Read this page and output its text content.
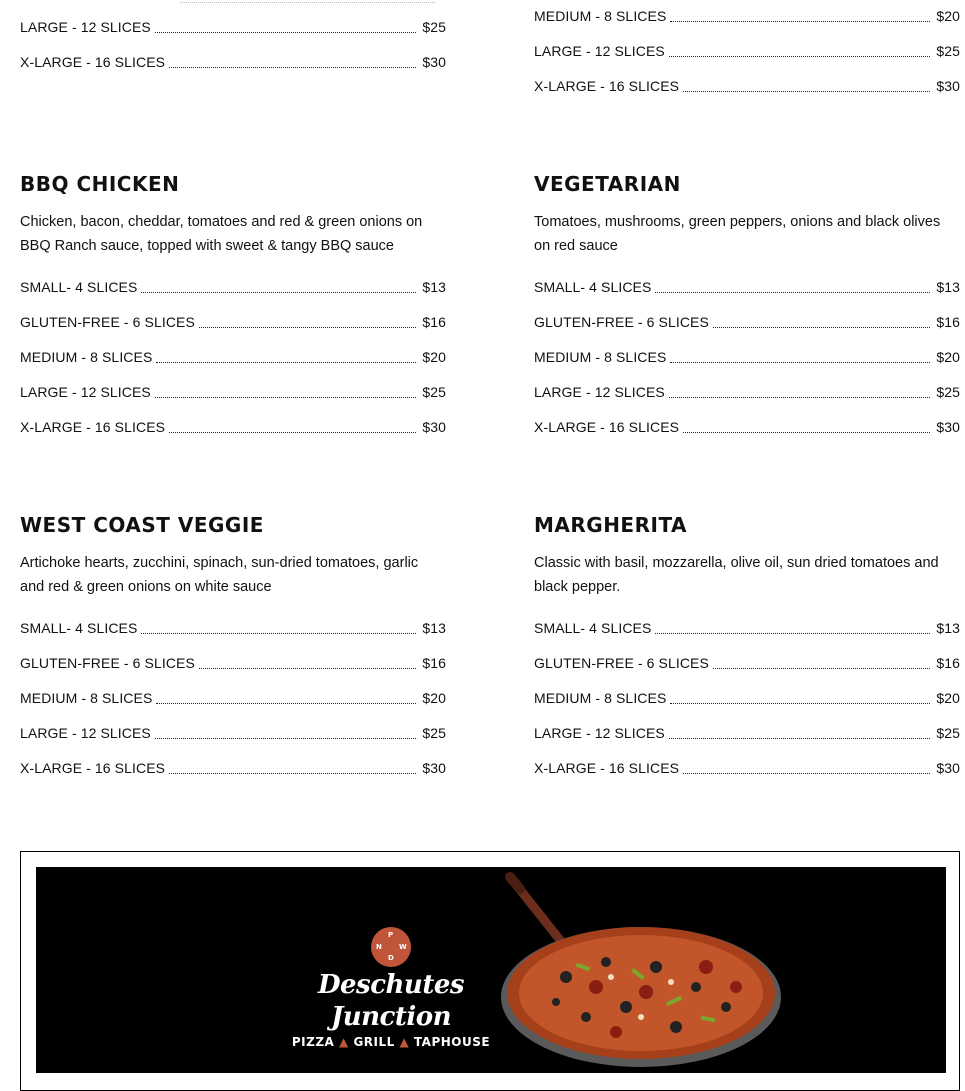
LARGE - 12 SLICES	$25
X-LARGE - 16 SLICES	$30
MEDIUM - 8 SLICES	$20
LARGE - 12 SLICES	$25
X-LARGE - 16 SLICES	$30
BBQ CHICKEN

Chicken, bacon, cheddar, tomatoes and red & green onions on BBQ Ranch sauce, topped with sweet & tangy BBQ sauce

SMALL- 4 SLICES	$13
GLUTEN-FREE - 6 SLICES	$16
MEDIUM - 8 SLICES	$20
LARGE - 12 SLICES	$25
X-LARGE - 16 SLICES	$30
VEGETARIAN

Tomatoes, mushrooms, green peppers, onions and black olives on red sauce

SMALL- 4 SLICES	$13
GLUTEN-FREE - 6 SLICES	$16
MEDIUM - 8 SLICES	$20
LARGE - 12 SLICES	$25
X-LARGE - 16 SLICES	$30
WEST COAST VEGGIE

Artichoke hearts, zucchini, spinach, sun-dried tomatoes, garlic and red & green onions on white sauce

SMALL- 4 SLICES	$13
GLUTEN-FREE - 6 SLICES	$16
MEDIUM - 8 SLICES	$20
LARGE - 12 SLICES	$25
X-LARGE - 16 SLICES	$30
MARGHERITA

Classic with basil, mozzarella, olive oil, sun dried tomatoes and black pepper.

SMALL- 4 SLICES	$13
GLUTEN-FREE - 6 SLICES	$16
MEDIUM - 8 SLICES	$20
LARGE - 12 SLICES	$25
X-LARGE - 16 SLICES	$30
P
N W
D
Deschutes Junction
PIZZA ▲ GRILL ▲ TAPHOUSE
